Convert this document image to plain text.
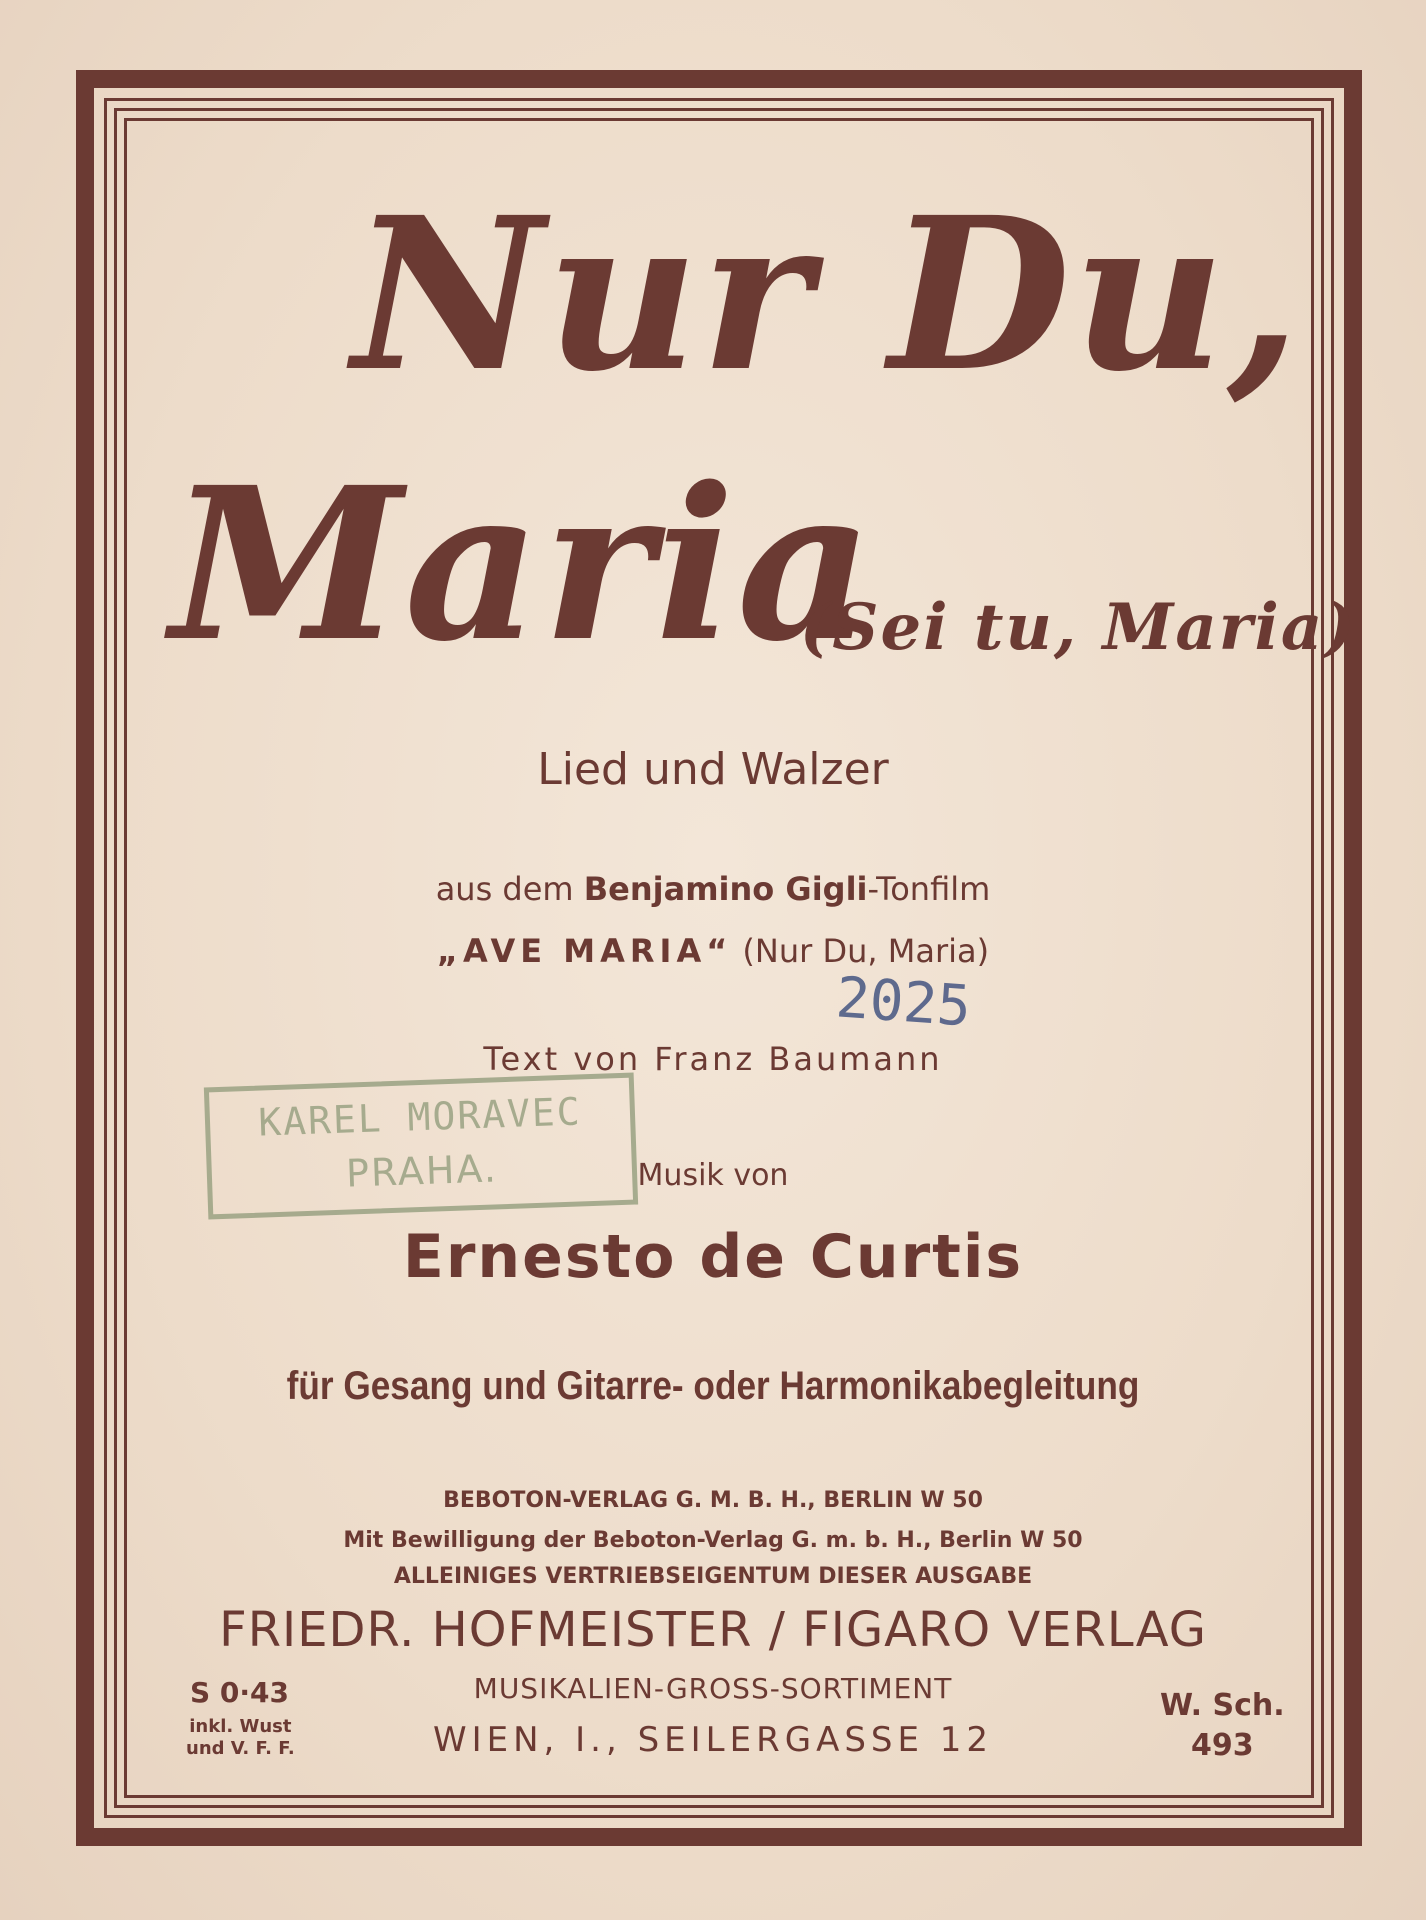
Nur Du,
Maria
(Sei tu, Maria)
Lied und Walzer
aus dem Benjamino Gigli-Tonfilm
„AVE MARIA“ (Nur Du, Maria)
Text von Franz Baumann
Musik von
Ernesto de Curtis
für Gesang und Gitarre- oder Harmonikabegleitung
BEBOTON-VERLAG G. M. B. H., BERLIN W 50
Mit Bewilligung der Beboton-Verlag G. m. b. H., Berlin W 50
ALLEINIGES VERTRIEBSEIGENTUM DIESER AUSGABE
FRIEDR. HOFMEISTER / FIGARO VERLAG
MUSIKALIEN-GROSS-SORTIMENT
WIEN, I., SEILERGASSE 12
S 0·43
inkl. Wust
und V. F. F.
W. Sch.
493
KAREL MORAVEC
PRAHA.
2025
